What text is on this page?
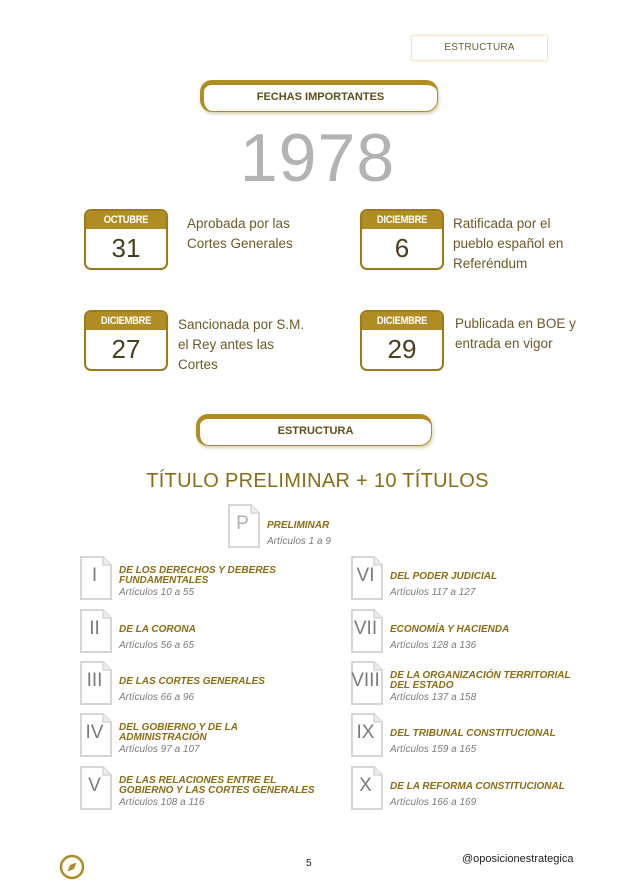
ESTRUCTURA
FECHAS IMPORTANTES
1978
OCTUBRE
31
Aprobada por las
Cortes Generales
DICIEMBRE
6
Ratificada por el
pueblo español en
Referéndum
DICIEMBRE
27
Sancionada por S.M.
el Rey antes las
Cortes
DICIEMBRE
29
Publicada en BOE y
entrada en vigor
ESTRUCTURA
TÍTULO PRELIMINAR + 10 TÍTULOS
P	PRELIMINAR
Artículos 1 a 9
I	DE LOS DERECHOS Y DEBERES
FUNDAMENTALES
Artículos 10 a 55
II	DE LA CORONA
Artículos 56 a 65
III	DE LAS CORTES GENERALES
Artículos 66 a 96
IV	DEL GOBIERNO Y DE LA
ADMINISTRACIÓN
Artículos 97 a 107
V	DE LAS RELACIONES ENTRE EL
GOBIERNO Y LAS CORTES GENERALES
Artículos 108 a 116
VI	DEL PODER JUDICIAL
Artículos 117 a 127
VII	ECONOMÍA Y HACIENDA
Artículos 128 a 136
VIII DE LA ORGANIZACIÓN TERRITORIAL
DEL ESTADO
Artículos 137 a 158
IX	DEL TRIBUNAL CONSTITUCIONAL
Artículos 159 a 165
X	DE LA REFORMA CONSTITUCIONAL
Artículos 166 a 169
5	@oposicionestrategica
